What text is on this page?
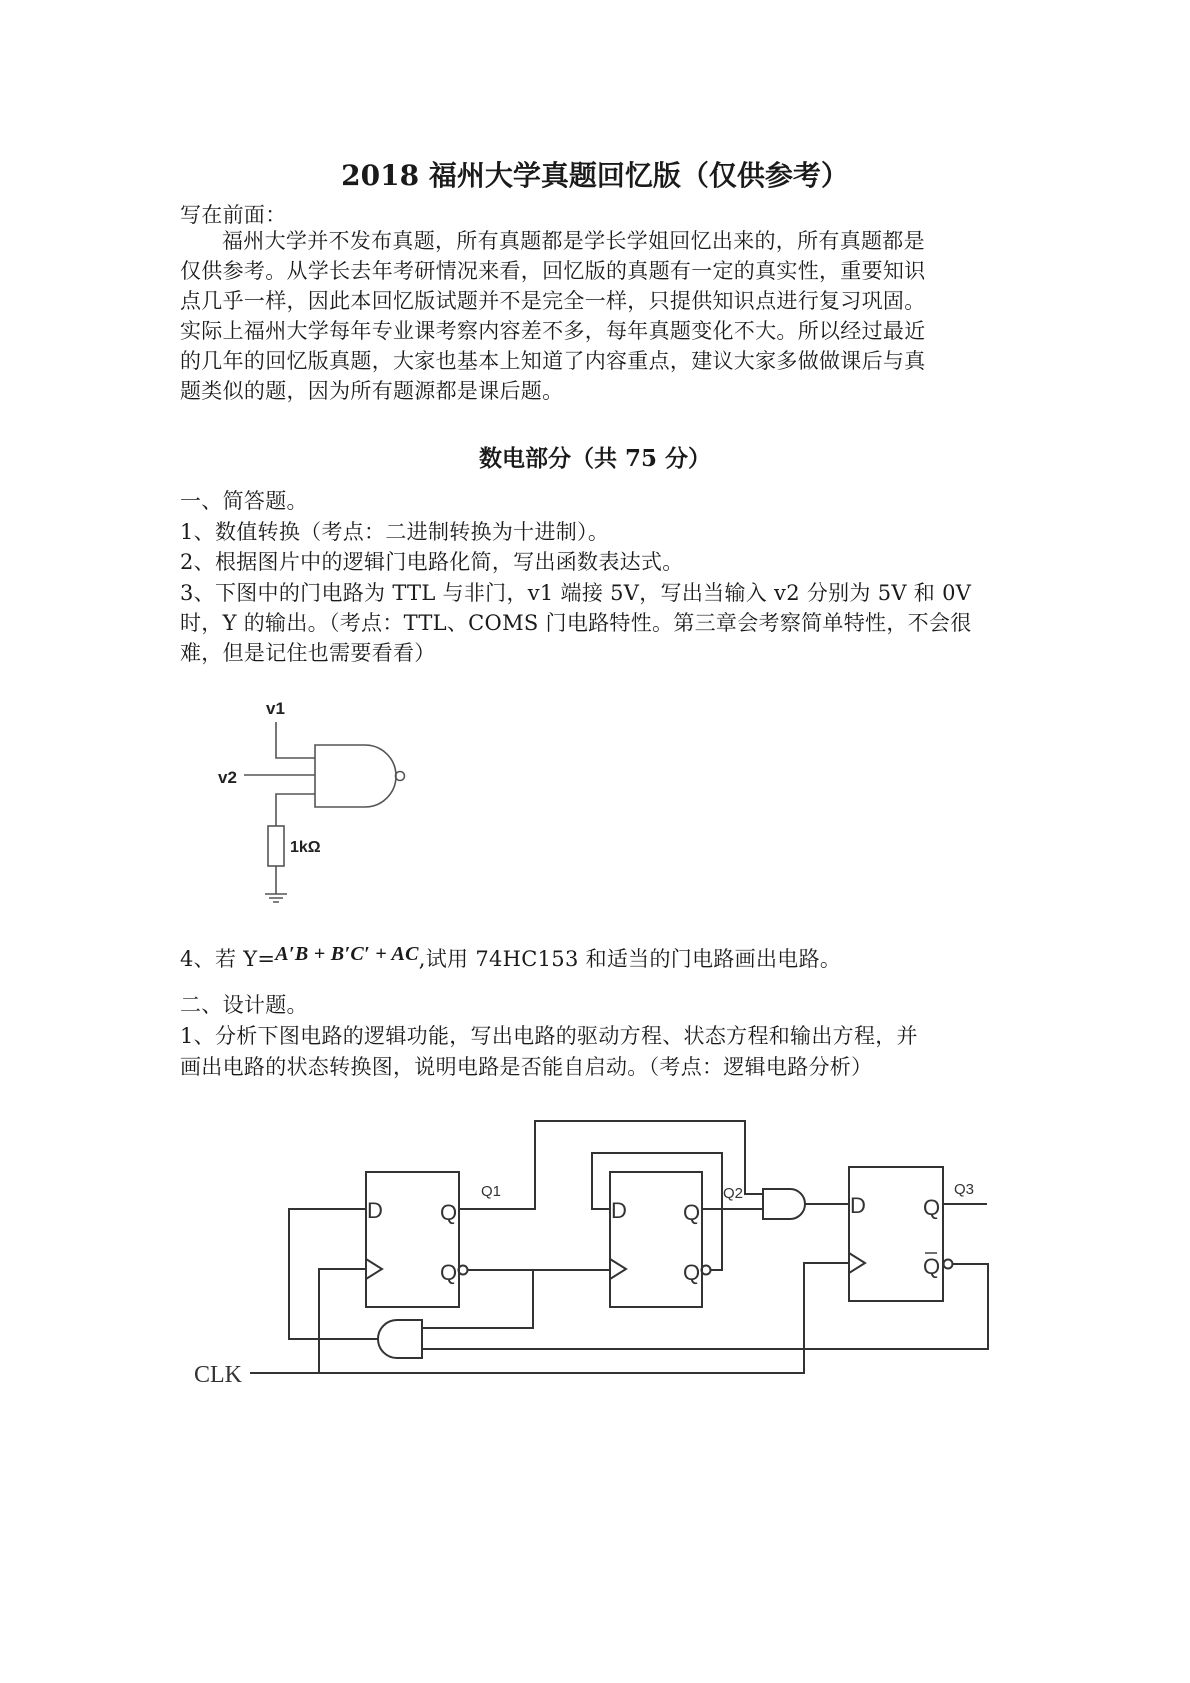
2018 福州大学真题回忆版（仅供参考）
写在前面：
福州大学并不发布真题，所有真题都是学长学姐回忆出来的，所有真题都是
仅供参考。从学长去年考研情况来看，回忆版的真题有一定的真实性，重要知识
点几乎一样，因此本回忆版试题并不是完全一样，只提供知识点进行复习巩固。
实际上福州大学每年专业课考察内容差不多，每年真题变化不大。所以经过最近
的几年的回忆版真题，大家也基本上知道了内容重点，建议大家多做做课后与真
题类似的题，因为所有题源都是课后题。
数电部分（共 75 分）
一、简答题。
1、数值转换（考点：二进制转换为十进制）。
2、根据图片中的逻辑门电路化简，写出函数表达式。
3、下图中的门电路为 TTL 与非门，v1 端接 5V，写出当输入 v2 分别为 5V 和 0V
时，Y 的输出。（考点：TTL、COMS 门电路特性。第三章会考察简单特性，不会很
难，但是记住也需要看看）
v1
v2
1kΩ
4、若 Y=A′B + B′C′ + AC,试用 74HC153 和适当的门电路画出电路。
二、设计题。
1、分析下图电路的逻辑功能，写出电路的驱动方程、状态方程和输出方程，并
画出电路的状态转换图，说明电路是否能自启动。（考点：逻辑电路分析）
D	Q
Q
D	Q
Q
D	Q
Q
Q1	Q2	Q3
CLK
